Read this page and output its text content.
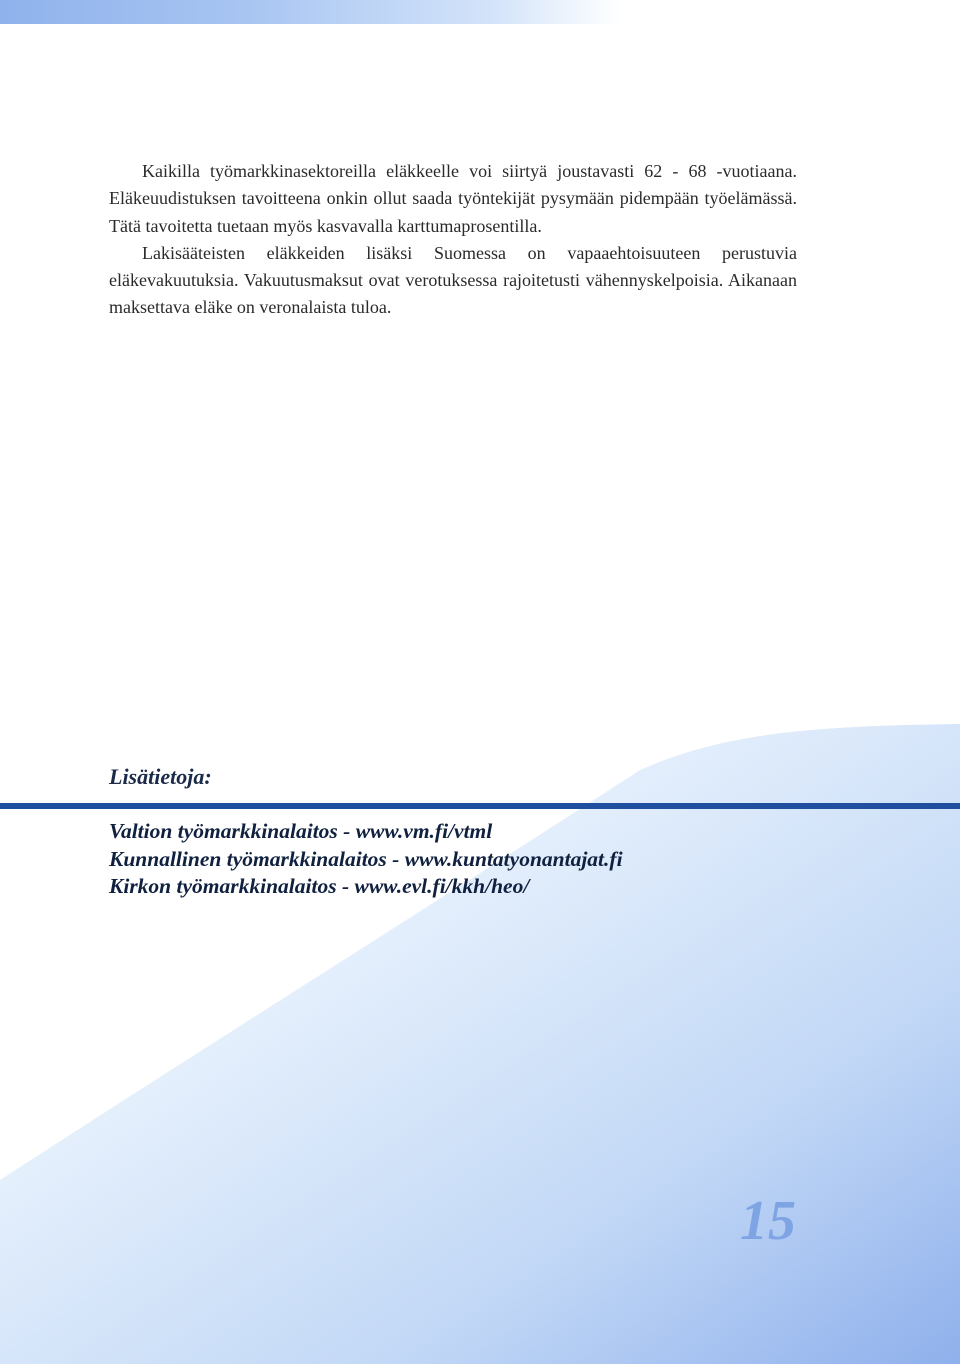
Kaikilla työmarkkinasektoreilla eläkkeelle voi siirtyä joustavasti 62 - 68 -vuotiaana. Eläkeuudistuksen tavoitteena onkin ollut saada työntekijät pysymään pidempään työelämässä. Tätä tavoitetta tuetaan myös kasvavalla karttumaprosentilla.

Lakisääteisten eläkkeiden lisäksi Suomessa on vapaaehtoisuuteen perustuvia eläkevakuutuksia. Vakuutusmaksut ovat verotuksessa rajoitetusti vähennyskelpoisia. Aikanaan maksettava eläke on veronalaista tuloa.

Lisätietoja:
Valtion työmarkkinalaitos - www.vm.fi/vtml
Kunnallinen työmarkkinalaitos - www.kuntatyonantajat.fi
Kirkon työmarkkinalaitos - www.evl.fi/kkh/heo/
15
